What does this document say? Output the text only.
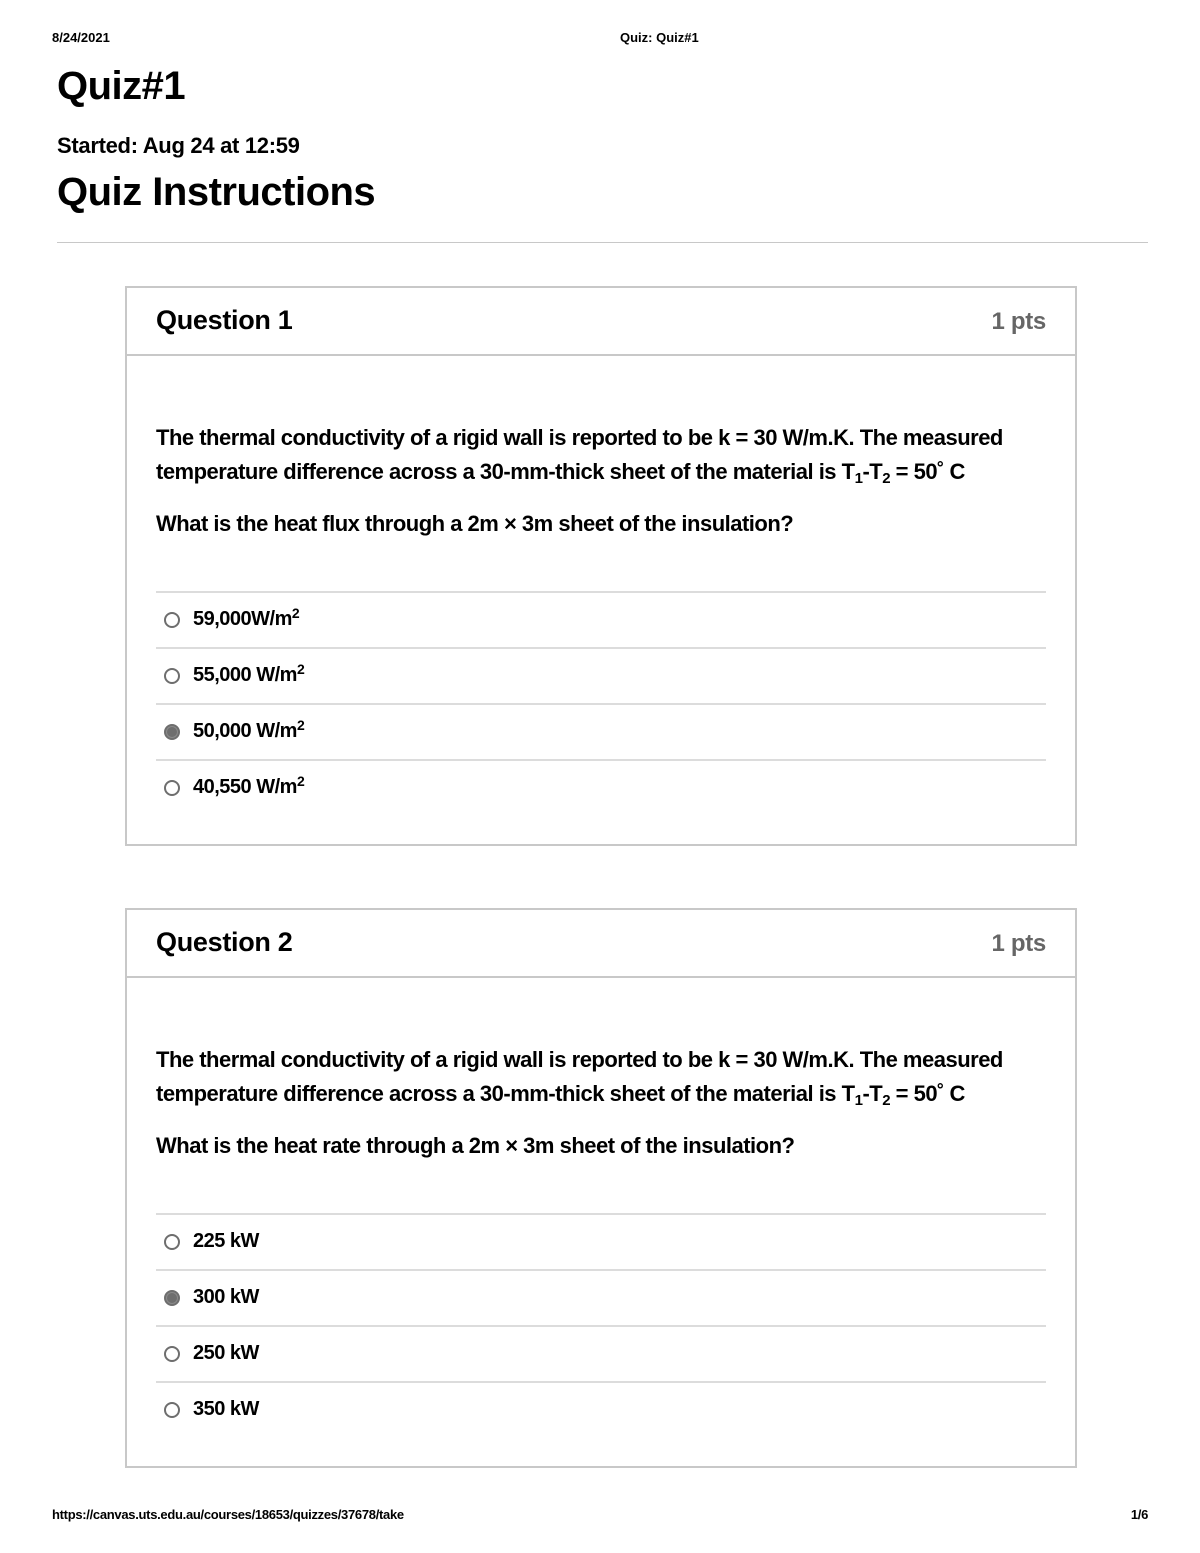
8/24/2021	Quiz: Quiz#1
Quiz#1
Started: Aug 24 at 12:59
Quiz Instructions
Question 1	1 pts

The thermal conductivity of a rigid wall is reported to be k = 30 W/m.K. The measured
temperature difference across a 30-mm-thick sheet of the material is $T_1-T_2$ = 50˚ C

What is the heat flux through a 2m × 3m sheet of the insulation?

$59,000W/m^2$
55,000 $W/m^2$
50,000 $W/m^2$
40,550 $W/m^2$
Question 2	1 pts

The thermal conductivity of a rigid wall is reported to be k = 30 W/m.K. The measured
temperature difference across a 30-mm-thick sheet of the material is $T_1-T_2$ = 50˚ C

What is the heat rate through a 2m × 3m sheet of the insulation?

225 kW
300 kW
250 kW
350 kW
https://canvas.uts.edu.au/courses/18653/quizzes/37678/take	1/6
